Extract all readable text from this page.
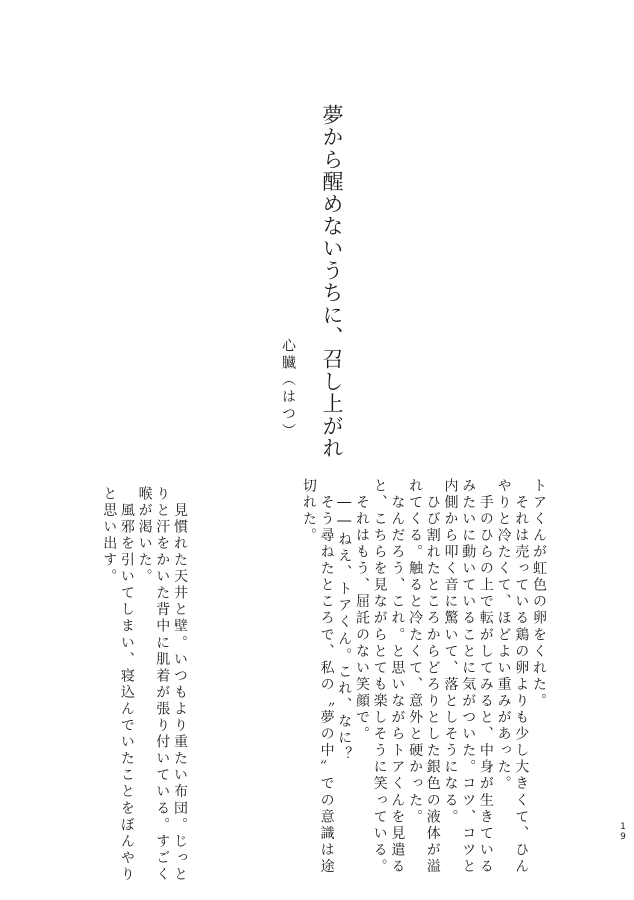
夢から醒めないうちに、召し上がれ
心臓（はつ）

トアくんが虹色の卵をくれた。

　それは売っている鶏の卵よりも少し大きくて、ひん

やりと冷たくて、ほどよい重みがあった。

　手のひらの上で転がしてみると、中身が生きている

みたいに動いていることに気がついた。コツ、コツと

内側から叩く音に驚いて、落としそうになる。

　ひび割れたところからどろりとした銀色の液体が溢

れてくる。触ると冷たくて、意外と硬かった。

　なんだろう、これ。と思いながらトアくんを見遣る

と、こちらを見ながらとても楽しそうに笑っている。

　それはもう、屈託のない笑顔で。

　――ねえ、トアくん。これ、なに？

　そう尋ねたところで、私の〝夢の中〟での意識は途

切れた。

　見慣れた天井と壁。いつもより重たい布団。じっと

りと汗をかいた背中に肌着が張り付いている。すごく

喉が渇いた。

　風邪を引いてしまい、寝込んでいたことをぼんやり

と思い出す。

1
9
